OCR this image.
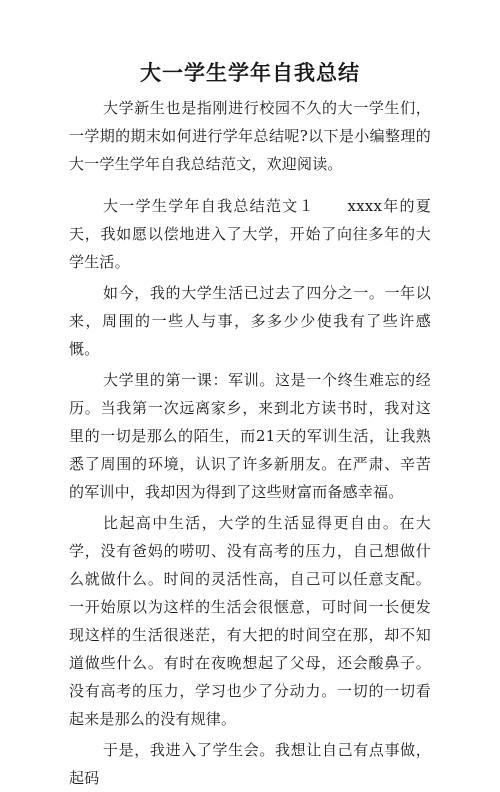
大一学生学年自我总结

大学新生也是指刚进行校园不久的大一学生们，一学期的期末如何进行学年总结呢?以下是小编整理的大一学生学年自我总结范文，欢迎阅读。

大一学生学年自我总结范文１　　xxxx年的夏天，我如愿以偿地进入了大学，开始了向往多年的大学生活。

如今，我的大学生活已过去了四分之一。一年以来，周围的一些人与事，多多少少使我有了些许感慨。

大学里的第一课：军训。这是一个终生难忘的经历。当我第一次远离家乡，来到北方读书时，我对这里的一切是那么的陌生，而21天的军训生活，让我熟悉了周围的环境，认识了许多新朋友。在严肃、辛苦的军训中，我却因为得到了这些财富而备感幸福。

比起高中生活，大学的生活显得更自由。在大学，没有爸妈的唠叨、没有高考的压力，自己想做什么就做什么。时间的灵活性高，自己可以任意支配。一开始原以为这样的生活会很惬意，可时间一长便发现这样的生活很迷茫，有大把的时间空在那，却不知道做些什么。有时在夜晚想起了父母，还会酸鼻子。没有高考的压力，学习也少了分动力。一切的一切看起来是那么的没有规律。

于是，我进入了学生会。我想让自己有点事做，起码
